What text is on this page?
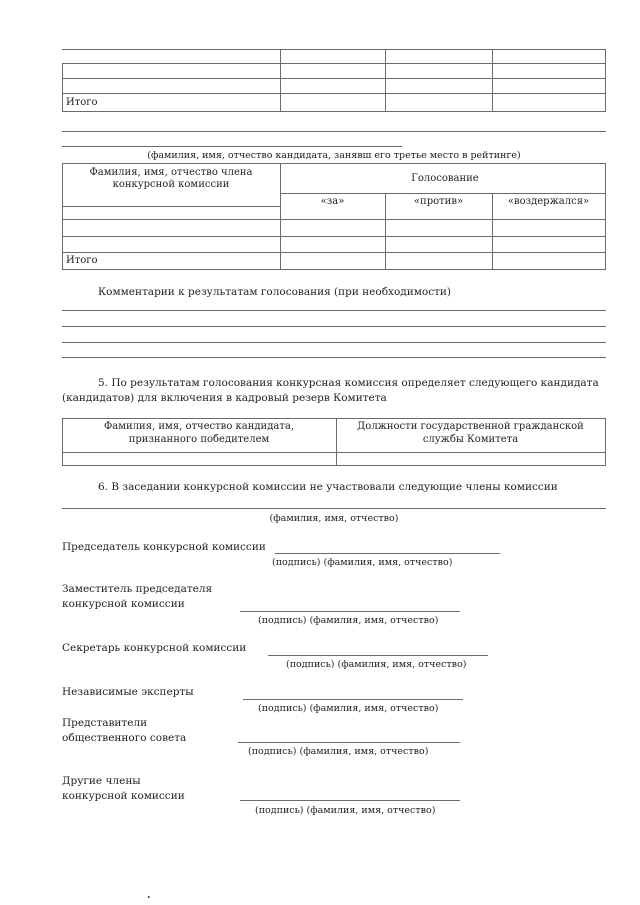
Итого
(фамилия, имя, отчество кандидата, занявш его третье место в рейтинге)
Фамилия, имя, отчество члена
конкурсной комиссии
Голосование
«за»	«против»	«воздержался»
Итого
Комментарии к результатам голосования (при необходимости)
5. По результатам голосования конкурсная комиссия определяет следующего кандидата
(кандидатов) для включения в кадровый резерв Комитета
Фамилия, имя, отчество кандидата,
признанного победителем
Должности государственной гражданской
службы Комитета
6. В заседании конкурсной комиссии не участвовали следующие члены комиссии
(фамилия, имя, отчество)
Председатель конкурсной комиссии
(подпись) (фамилия, имя, отчество)
Заместитель председателя
конкурсной комиссии
(подпись) (фамилия, имя, отчество)
Секретарь конкурсной комиссии
(подпись) (фамилия, имя, отчество)
Независимые эксперты
(подпись) (фамилия, имя, отчество)
Представители
общественного совета
(подпись) (фамилия, имя, отчество)
Другие члены
конкурсной комиссии
(подпись) (фамилия, имя, отчество)
.
